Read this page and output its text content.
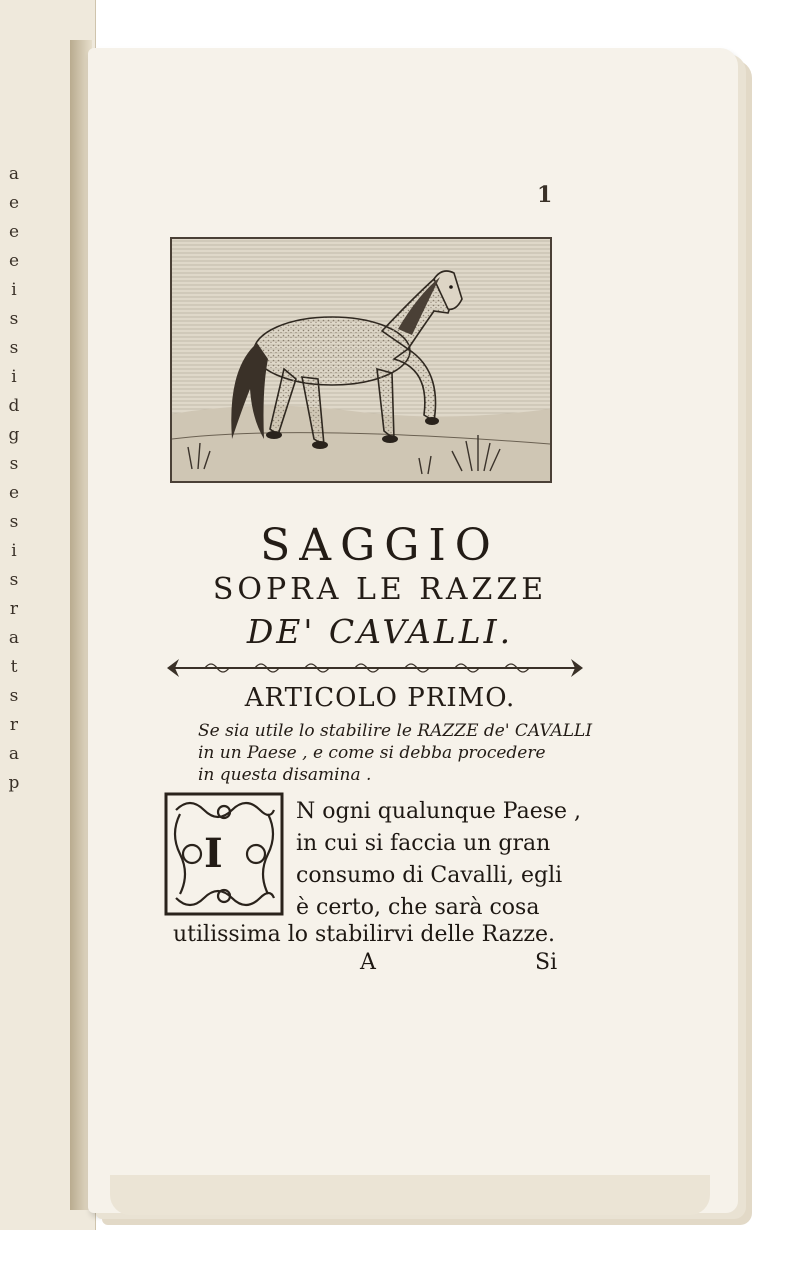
a
e
e
e
i
s
s
i
d
g
s
e
s
i
s
r
a
t
s
r
a
p
1
SAGGIO
SOPRA LE RAZZE
DE' CAVALLI.
ARTICOLO PRIMO.
Se sia utile lo stabilire le RAZZE de' CAVALLI
in un Paese , e come si debba procedere
in questa disamina .
I
N ogni qualunque Paese ,
in cui si faccia un gran
consumo di Cavalli, egli
è certo, che sarà cosa
utilissima lo stabilirvi delle Razze.
A	Si
